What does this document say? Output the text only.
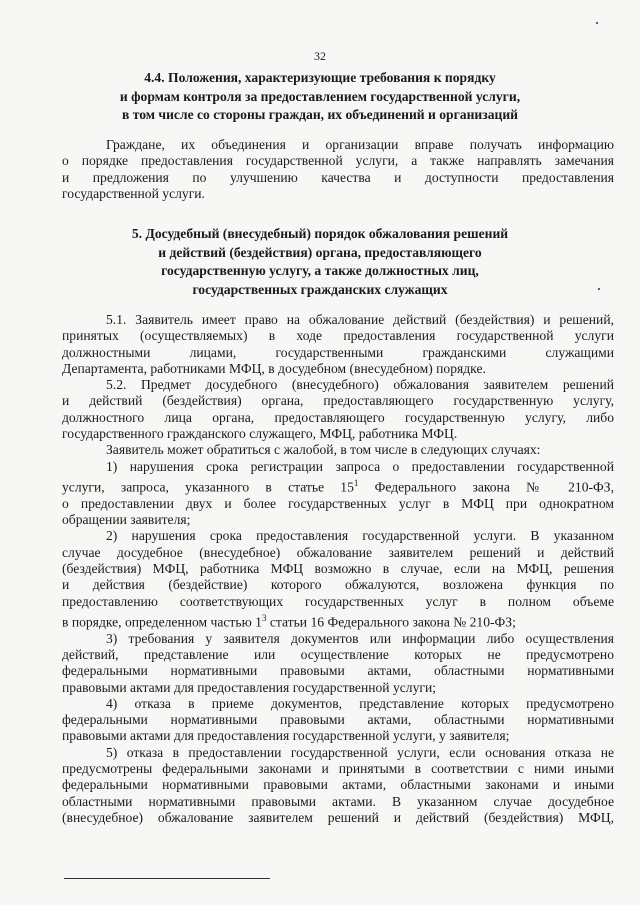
32
4.4. Положения, характеризующие требования к порядку
и формам контроля за предоставлением государственной услуги,
в том числе со стороны граждан, их объединений и организаций
Граждане, их объединения и организации вправе получать информацию
о порядке предоставления государственной услуги, а также направлять замечания
и предложения по улучшению качества и доступности предоставления
государственной услуги.
5. Досудебный (внесудебный) порядок обжалования решений
и действий (бездействия) органа, предоставляющего
государственную услугу, а также должностных лиц,
государственных гражданских служащих
5.1. Заявитель имеет право на обжалование действий (бездействия) и решений,
принятых (осуществляемых) в ходе предоставления государственной услуги
должностными лицами, государственными гражданскими служащими
Департамента, работниками МФЦ, в досудебном (внесудебном) порядке.
5.2. Предмет досудебного (внесудебного) обжалования заявителем решений
и действий (бездействия) органа, предоставляющего государственную услугу,
должностного лица органа, предоставляющего государственную услугу, либо
государственного гражданского служащего, МФЦ, работника МФЦ.
Заявитель может обратиться с жалобой, в том числе в следующих случаях:
1) нарушения срока регистрации запроса о предоставлении государственной
услуги, запроса, указанного в статье $15^1$ Федерального закона № 210-ФЗ,
о предоставлении двух и более государственных услуг в МФЦ при однократном
обращении заявителя;
2) нарушения срока предоставления государственной услуги. В указанном
случае досудебное (внесудебное) обжалование заявителем решений и действий
(бездействия) МФЦ, работника МФЦ возможно в случае, если на МФЦ, решения
и действия (бездействие) которого обжалуются, возложена функция по
предоставлению соответствующих государственных услуг в полном объеме
в порядке, определенном частью $1^3$ статьи 16 Федерального закона № 210-ФЗ;
3) требования у заявителя документов или информации либо осуществления
действий, представление или осуществление которых не предусмотрено
федеральными нормативными правовыми актами, областными нормативными
правовыми актами для предоставления государственной услуги;
4) отказа в приеме документов, представление которых предусмотрено
федеральными нормативными правовыми актами, областными нормативными
правовыми актами для предоставления государственной услуги, у заявителя;
5) отказа в предоставлении государственной услуги, если основания отказа не
предусмотрены федеральными законами и принятыми в соответствии с ними иными
федеральными нормативными правовыми актами, областными законами и иными
областными нормативными правовыми актами. В указанном случае досудебное
(внесудебное) обжалование заявителем решений и действий (бездействия) МФЦ,
